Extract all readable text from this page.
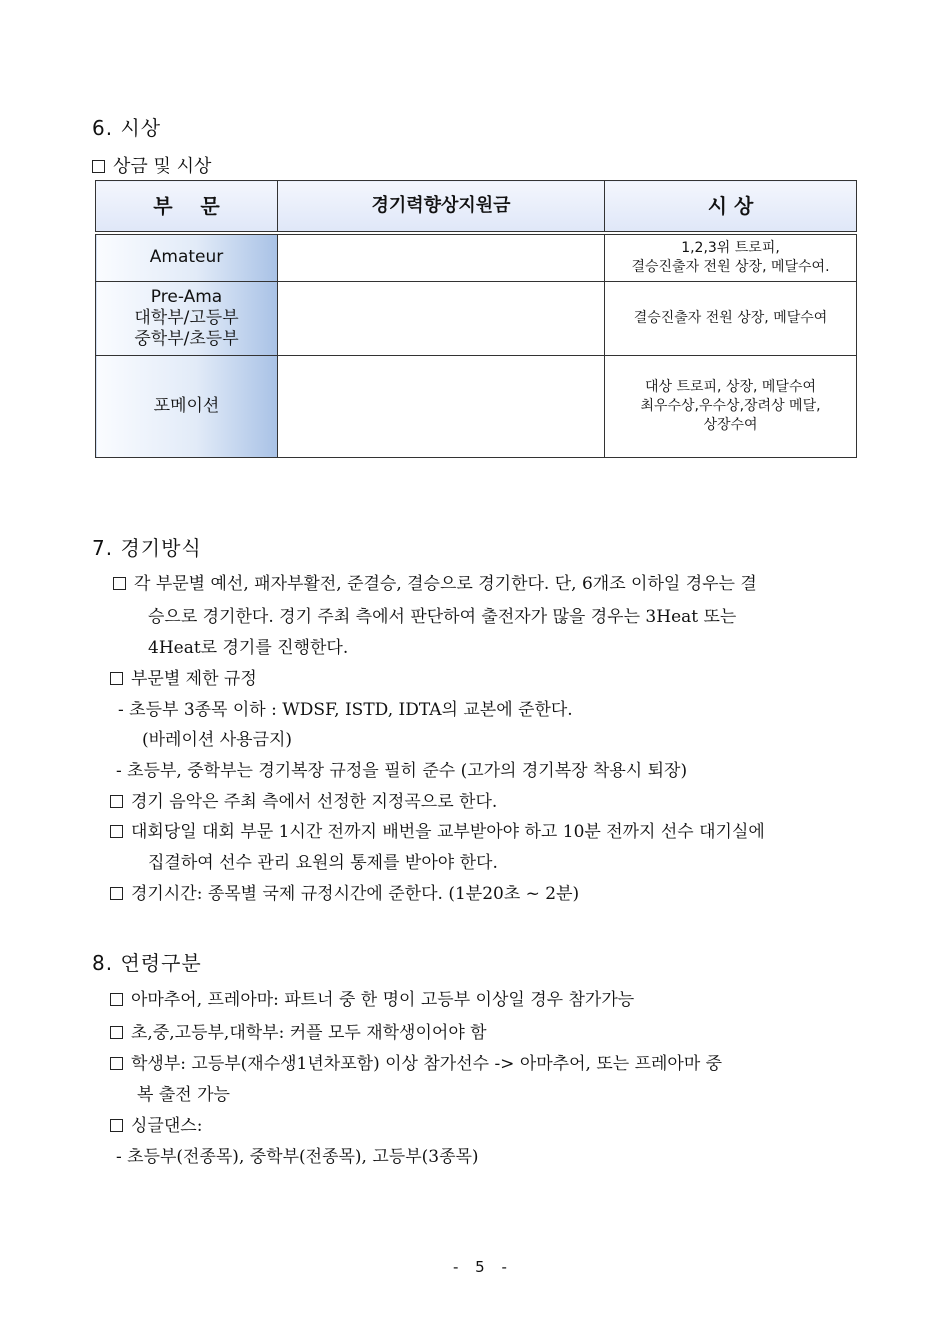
6. 시상
상금 및 시상
부    문	경기력향상지원금	시 상

Amateur		1,2,3위 트로피,
결승진출자 전원 상장, 메달수여.

Pre-Ama
대학부/고등부
중학부/초등부		결승진출자 전원 상장, 메달수여

포메이션		대상 트로피, 상장, 메달수여
최우수상,우수상,장려상 메달,
상장수여
7. 경기방식
각 부문별 예선, 패자부활전, 준결승, 결승으로 경기한다. 단, 6개조 이하일 경우는 결
승으로 경기한다. 경기 주최 측에서 판단하여 출전자가 많을 경우는 3Heat 또는
4Heat로 경기를 진행한다.
부문별 제한 규정
- 초등부 3종목 이하 : WDSF, ISTD, IDTA의 교본에 준한다.
(바레이션 사용금지)
- 초등부, 중학부는 경기복장 규정을 필히 준수 (고가의 경기복장 착용시 퇴장)
경기 음악은 주최 측에서 선정한 지정곡으로 한다.
대회당일 대회 부문 1시간 전까지 배번을 교부받아야 하고 10분 전까지 선수 대기실에
집결하여 선수 관리 요원의 통제를 받아야 한다.
경기시간: 종목별 국제 규정시간에 준한다. (1분20초 ~ 2분)
8. 연령구분
아마추어, 프레아마: 파트너 중 한 명이 고등부 이상일 경우 참가가능
초,중,고등부,대학부: 커플 모두 재학생이어야 함
학생부: 고등부(재수생1년차포함) 이상 참가선수 -> 아마추어, 또는 프레아마 중
복 출전 가능
싱글댄스:
- 초등부(전종목), 중학부(전종목), 고등부(3종목)
- 5 -
